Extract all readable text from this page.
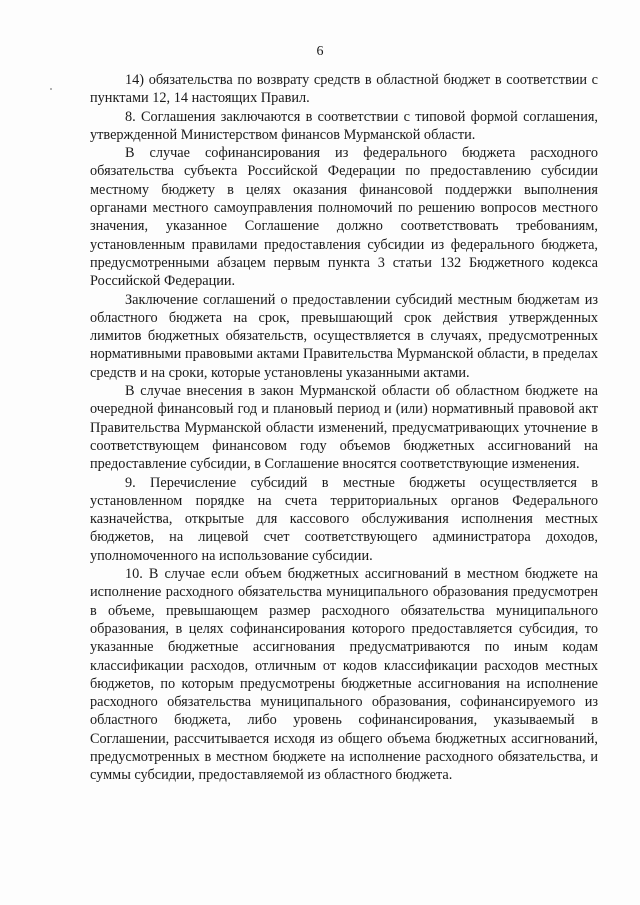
6

14) обязательства по возврату средств в областной бюджет в соответствии с пунктами 12, 14 настоящих Правил.

8. Соглашения заключаются в соответствии с типовой формой соглашения, утвержденной Министерством финансов Мурманской области.

В случае софинансирования из федерального бюджета расходного обязательства субъекта Российской Федерации по предоставлению субсидии местному бюджету в целях оказания финансовой поддержки выполнения органами местного самоуправления полномочий по решению вопросов местного значения, указанное Соглашение должно соответствовать требованиям, установленным правилами предоставления субсидии из федерального бюджета, предусмотренными абзацем первым пункта 3 статьи 132 Бюджетного кодекса Российской Федерации.

Заключение соглашений о предоставлении субсидий местным бюджетам из областного бюджета на срок, превышающий срок действия утвержденных лимитов бюджетных обязательств, осуществляется в случаях, предусмотренных нормативными правовыми актами Правительства Мурманской области, в пределах средств и на сроки, которые установлены указанными актами.

В случае внесения в закон Мурманской области об областном бюджете на очередной финансовый год и плановый период и (или) нормативный правовой акт Правительства Мурманской области изменений, предусматривающих уточнение в соответствующем финансовом году объемов бюджетных ассигнований на предоставление субсидии, в Соглашение вносятся соответствующие изменения.

9. Перечисление субсидий в местные бюджеты осуществляется в установленном порядке на счета территориальных органов Федерального казначейства, открытые для кассового обслуживания исполнения местных бюджетов, на лицевой счет соответствующего администратора доходов, уполномоченного на использование субсидии.

10. В случае если объем бюджетных ассигнований в местном бюджете на исполнение расходного обязательства муниципального образования предусмотрен в объеме, превышающем размер расходного обязательства муниципального образования, в целях софинансирования которого предоставляется субсидия, то указанные бюджетные ассигнования предусматриваются по иным кодам классификации расходов, отличным от кодов классификации расходов местных бюджетов, по которым предусмотрены бюджетные ассигнования на исполнение расходного обязательства муниципального образования, софинансируемого из областного бюджета, либо уровень софинансирования, указываемый в Соглашении, рассчитывается исходя из общего объема бюджетных ассигнований, предусмотренных в местном бюджете на исполнение расходного обязательства, и суммы субсидии, предоставляемой из областного бюджета.
